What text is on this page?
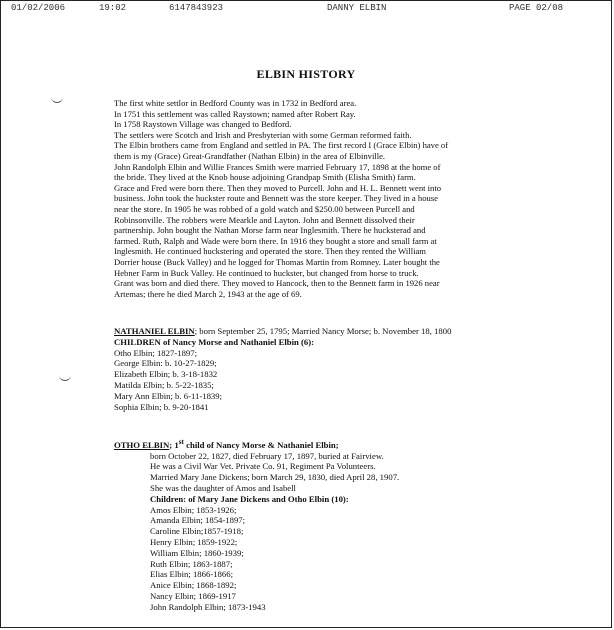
01/02/2006	19:02	6147843923	DANNY ELBIN	PAGE 02/08
ELBIN HISTORY

The first white settlor in Bedford County was in 1732 in Bedford area.

In 1751 this settlement was called Raystown; named after Robert Ray.

In 1758 Raystown Village was changed to Bedford.

The settlers were Scotch and Irish and Presbyterian with some German reformed faith.

The Elbin brothers came from England and settled in PA. The first record I (Grace Elbin) have of

them is my (Grace) Great-Grandfather (Nathan Elbin) in the area of Elbinville.

John Randolph Elbin and Willie Frances Smith were married February 17, 1898 at the home of

the bride. They lived at the Knob house adjoining Grandpap Smith (Elisha Smith) farm.

Grace and Fred were born there. Then they moved to Purcell. John and H. L. Bennett went into

business. John took the huckster route and Bennett was the store keeper. They lived in a house

near the store. In 1905 he was robbed of a gold watch and $250.00 between Purcell and

Robinsonville. The robbers were Mearkle and Layton. John and Bennett dissolved their

partnership. John bought the Nathan Morse farm near Inglesmith. There he hucksterad and

farmed. Ruth, Ralph and Wade were born there. In 1916 they bought a store and small farm at

Inglesmith. He continued huckstering and operated the store. Then they rented the William

Dorrier house (Buck Valley) and he logged for Thomas Martin from Romney. Later bought the

Hebner Farm in Buck Valley. He continued to huckster, but changed from horse to truck.

Grant was born and died there. They moved to Hancock, then to the Bennett farm in 1926 near

Artemas; there he died March 2, 1943 at the age of 69.

NATHANIEL ELBIN; born September 25, 1795; Married Nancy Morse; b. November 18, 1800

CHILDREN of Nancy Morse and Nathaniel Elbin (6):

Otho Elbin; 1827-1897;

George Elbin: b. 10-27-1829;

Elizabeth Elbin; b. 3-18-1832

Matilda Elbin; b. 5-22-1835;

Mary Ann Elbin; b. 6-11-1839;

Sophia Elbin; b. 9-20-1841

OTHO ELBIN; 1st child of Nancy Morse & Nathaniel Elbin;

born October 22, 1827, died February 17, 1897, buried at Fairview.

He was a Civil War Vet. Private Co. 91, Regiment Pa Volunteers.

Married Mary Jane Dickens; born March 29, 1830, died April 28, 1907.

She was the daughter of Amos and Isabell

Children: of Mary Jane Dickens and Otho Elbin (10):

Amos Elbin; 1853-1926;

Amanda Elbin; 1854-1897;

Caroline Elbin;1857-1918;

Henry Elbin; 1859-1922;

William Elbin; 1860-1939;

Ruth Elbin; 1863-1887;

Elias Elbin; 1866-1866;

Anice Elbin; 1868-1892;

Nancy Elbin; 1869-1917

John Randolph Elbin; 1873-1943
